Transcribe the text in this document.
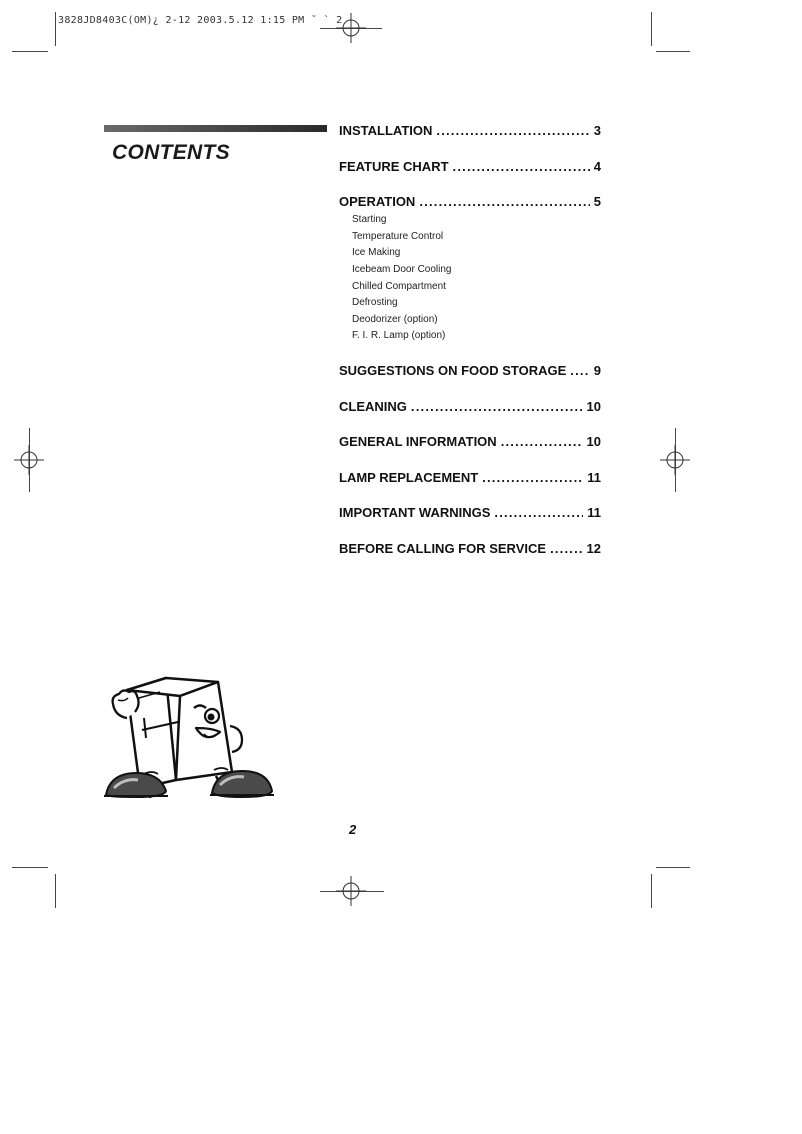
3828JD8403C(OM)¿ 2-12 2003.5.12 1:15 PM ˘ ` 2
CONTENTS
INSTALLATION .....	3
FEATURE CHART .....	4
OPERATION .....	5
Starting
Temperature Control
Ice Making
Icebeam Door Cooling
Chilled Compartment
Defrosting
Deodorizer (option)
F. I. R. Lamp (option)
SUGGESTIONS ON FOOD STORAGE ..... 9
CLEANING .....	10
GENERAL INFORMATION .....	10
LAMP REPLACEMENT .....	11
IMPORTANT WARNINGS .....	11
BEFORE CALLING FOR SERVICE .....	12
2
